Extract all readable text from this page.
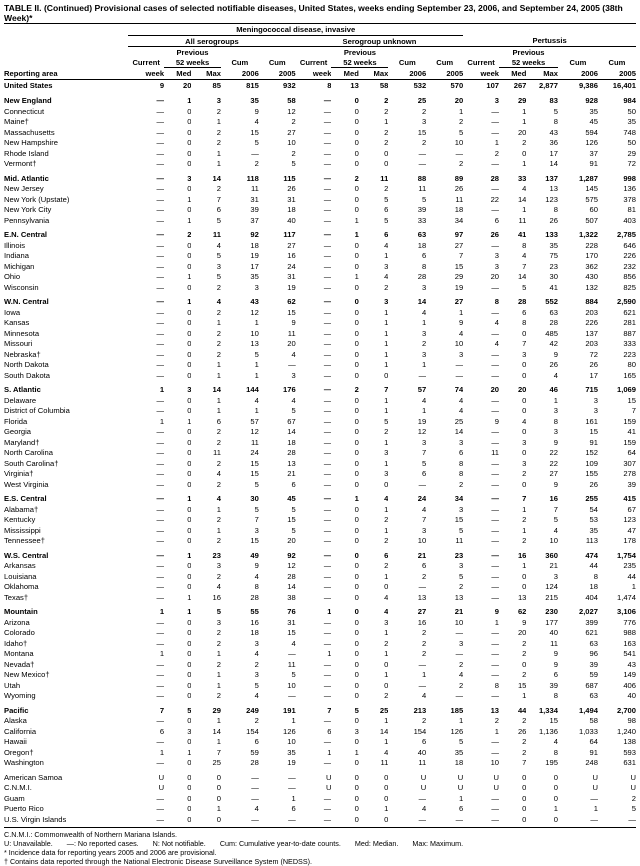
TABLE II. (Continued) Provisional cases of selected notifiable diseases, United States, weeks ending September 23, 2006, and September 24, 2005 (38th Week)*
	Meningococcal disease, invasive														
	All serogroups					Serogroup unknown					Pertussis				
		Previous					Previous					Previous			
	Current	52 weeks		Cum	Cum	Current	52 weeks		Cum	Cum	Current	52 weeks		Cum	Cum
Reporting area	week	Med	Max	2006	2005	week	Med	Max	2006	2005	week	Med	Max	2006	2005
United States	9	20	85	815	932	8	13	58	532	570	107	267	2,877	9,386	16,401

New England	—	1	3	35	58	—	0	2	25	20	3	29	83	928	984
Connecticut	—	0	2	9	12	—	0	2	2	1	—	1	5	35	50
Maine†	—	0	1	4	2	—	0	1	3	2	—	1	8	45	35
Massachusetts	—	0	2	15	27	—	0	2	15	5	—	20	43	594	748
New Hampshire	—	0	2	5	10	—	0	2	2	10	1	2	36	126	50
Rhode Island	—	0	1	—	2	—	0	0	—	—	2	0	17	37	29
Vermont†	—	0	1	2	5	—	0	0	—	2	—	1	14	91	72

Mid. Atlantic	—	3	14	118	115	—	2	11	88	89	28	33	137	1,287	998
New Jersey	—	0	2	11	26	—	0	2	11	26	—	4	13	145	136
New York (Upstate)	—	1	7	31	31	—	0	5	5	11	22	14	123	575	378
New York City	—	0	6	39	18	—	0	6	39	18	—	1	8	60	81
Pennsylvania	—	1	5	37	40	—	1	5	33	34	6	11	26	507	403

E.N. Central	—	2	11	92	117	—	1	6	63	97	26	41	133	1,322	2,785
Illinois	—	0	4	18	27	—	0	4	18	27	—	8	35	228	646
Indiana	—	0	5	19	16	—	0	1	6	7	3	4	75	170	226
Michigan	—	0	3	17	24	—	0	3	8	15	3	7	23	362	232
Ohio	—	1	5	35	31	—	1	4	28	29	20	14	30	430	856
Wisconsin	—	0	2	3	19	—	0	2	3	19	—	5	41	132	825

W.N. Central	—	1	4	43	62	—	0	3	14	27	8	28	552	884	2,590
Iowa	—	0	2	12	15	—	0	1	4	1	—	6	63	203	621
Kansas	—	0	1	1	9	—	0	1	1	9	4	8	28	226	281
Minnesota	—	0	2	10	11	—	0	1	3	4	—	0	485	137	887
Missouri	—	0	2	13	20	—	0	1	2	10	4	7	42	203	333
Nebraska†	—	0	2	5	4	—	0	1	3	3	—	3	9	72	223
North Dakota	—	0	1	1	—	—	0	1	1	—	—	0	26	26	80
South Dakota	—	0	1	1	3	—	0	0	—	—	—	0	4	17	165

S. Atlantic	1	3	14	144	176	—	2	7	57	74	20	20	46	715	1,069
Delaware	—	0	1	4	4	—	0	1	4	4	—	0	1	3	15
District of Columbia	—	0	1	1	5	—	0	1	1	4	—	0	3	3	7
Florida	1	1	6	57	67	—	0	5	19	25	9	4	8	161	159
Georgia	—	0	2	12	14	—	0	2	12	14	—	0	3	15	41
Maryland†	—	0	2	11	18	—	0	1	3	3	—	3	9	91	159
North Carolina	—	0	11	24	28	—	0	3	7	6	11	0	22	152	64
South Carolina†	—	0	2	15	13	—	0	1	5	8	—	3	22	109	307
Virginia†	—	0	4	15	21	—	0	3	6	8	—	2	27	155	278
West Virginia	—	0	2	5	6	—	0	0	—	2	—	0	9	26	39

E.S. Central	—	1	4	30	45	—	1	4	24	34	—	7	16	255	415
Alabama†	—	0	1	5	5	—	0	1	4	3	—	1	7	54	67
Kentucky	—	0	2	7	15	—	0	2	7	15	—	2	5	53	123
Mississippi	—	0	1	3	5	—	0	1	3	5	—	1	4	35	47
Tennessee†	—	0	2	15	20	—	0	2	10	11	—	2	10	113	178

W.S. Central	—	1	23	49	92	—	0	6	21	23	—	16	360	474	1,754
Arkansas	—	0	3	9	12	—	0	2	6	3	—	1	21	44	235
Louisiana	—	0	2	4	28	—	0	1	2	5	—	0	3	8	44
Oklahoma	—	0	4	8	14	—	0	0	—	2	—	0	124	18	1
Texas†	—	1	16	28	38	—	0	4	13	13	—	13	215	404	1,474

Mountain	1	1	5	55	76	1	0	4	27	21	9	62	230	2,027	3,106
Arizona	—	0	3	16	31	—	0	3	16	10	1	9	177	399	776
Colorado	—	0	2	18	15	—	0	1	2	—	—	20	40	621	988
Idaho†	—	0	2	3	4	—	0	2	2	3	—	2	11	63	163
Montana	1	0	1	4	—	1	0	1	2	—	—	2	9	96	541
Nevada†	—	0	2	2	11	—	0	0	—	2	—	0	9	39	43
New Mexico†	—	0	1	3	5	—	0	1	1	4	—	2	6	59	149
Utah	—	0	1	5	10	—	0	0	—	2	8	15	39	687	406
Wyoming	—	0	2	4	—	—	0	2	4	—	—	1	8	63	40

Pacific	7	5	29	249	191	7	5	25	213	185	13	44	1,334	1,494	2,700
Alaska	—	0	1	2	1	—	0	1	2	1	2	2	15	58	98
California	6	3	14	154	126	6	3	14	154	126	1	26	1,136	1,033	1,240
Hawaii	—	0	1	6	10	—	0	1	6	5	—	2	4	64	138
Oregon†	1	1	7	59	35	1	1	4	40	35	—	2	8	91	593
Washington	—	0	25	28	19	—	0	11	11	18	10	7	195	248	631

American Samoa	U	0	0	—	—	U	0	0	U	U	U	0	0	U	U
C.N.M.I.	U	0	0	—	—	U	0	0	U	U	U	0	0	U	U
Guam	—	0	0	—	1	—	0	0	—	1	—	0	0	—	2
Puerto Rico	—	0	1	4	6	—	0	1	4	6	—	0	1	1	5
U.S. Virgin Islands	—	0	0	—	—	—	0	0	—	—	—	0	0	—	—
C.N.M.I.: Commonwealth of Northern Mariana Islands.
U: Unavailable. —: No reported cases. N: Not notifiable. Cum: Cumulative year-to-date counts. Med: Median. Max: Maximum.
* Incidence data for reporting years 2005 and 2006 are provisional.
† Contains data reported through the National Electronic Disease Surveillance System (NEDSS).
